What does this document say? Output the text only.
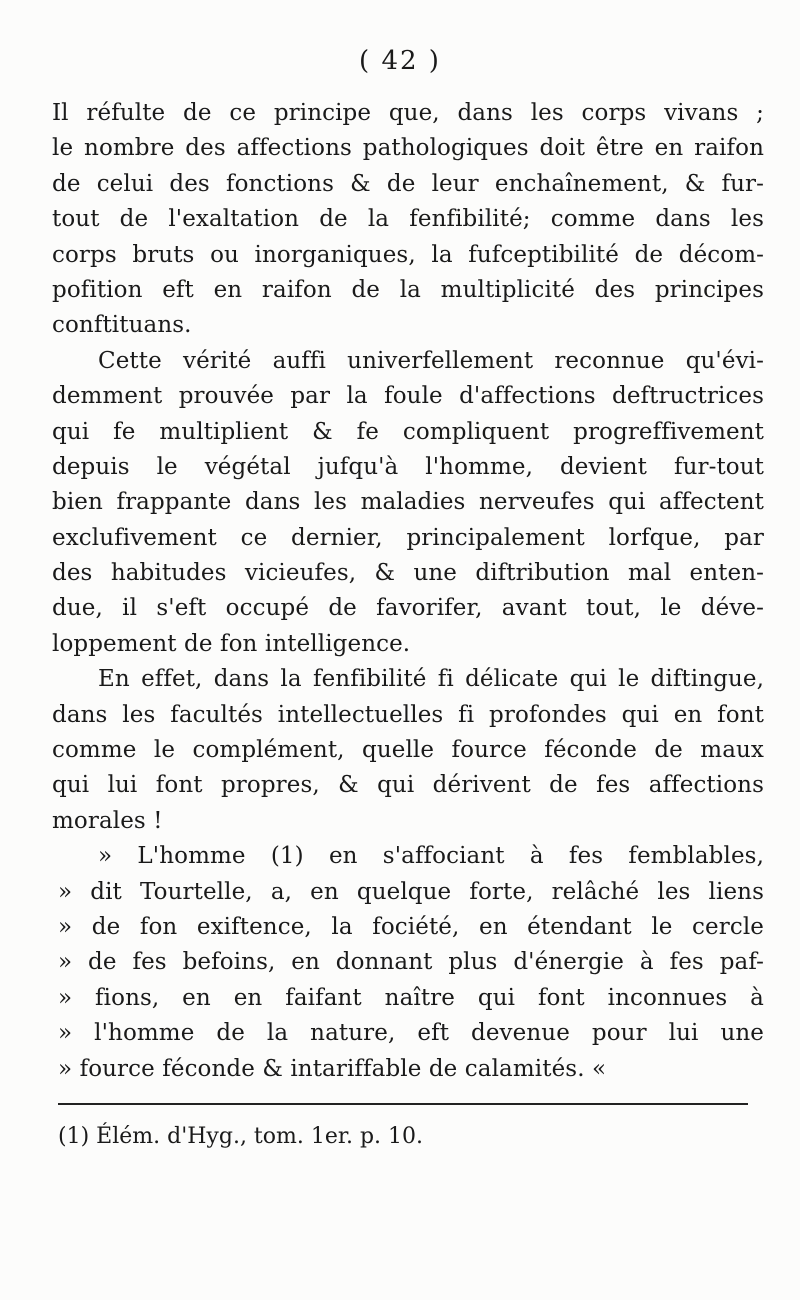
( 42 )
Il réfulte de ce principe que, dans les corps vivans ;
le nombre des affections pathologiques doit être en raifon
de celui des fonctions & de leur enchaînement, & fur-
tout de l'exaltation de la fenfibilité; comme dans les
corps bruts ou inorganiques, la fufceptibilité de décom-
pofition eft en raifon de la multiplicité des principes
conftituans.
Cette vérité auffi univerfellement reconnue qu'évi-
demment prouvée par la foule d'affections deftructrices
qui fe multiplient & fe compliquent progreffivement
depuis le végétal jufqu'à l'homme, devient fur-tout
bien frappante dans les maladies nerveufes qui affectent
exclufivement ce dernier, principalement lorfque, par
des habitudes vicieufes, & une diftribution mal enten-
due, il s'eft occupé de favorifer, avant tout, le déve-
loppement de fon intelligence.
En effet, dans la fenfibilité fi délicate qui le diftingue,
dans les facultés intellectuelles fi profondes qui en font
comme le complément, quelle fource féconde de maux
qui lui font propres, & qui dérivent de fes affections
morales !
» L'homme (1) en s'affociant à fes femblables,
» dit Tourtelle, a, en quelque forte, relâché les liens
» de fon exiftence, la fociété, en étendant le cercle
» de fes befoins, en donnant plus d'énergie à fes paf-
» fions, en en faifant naître qui font inconnues à
» l'homme de la nature, eft devenue pour lui une
» fource féconde & intariffable de calamités. «
(1) Élém. d'Hyg., tom. 1er. p. 10.
